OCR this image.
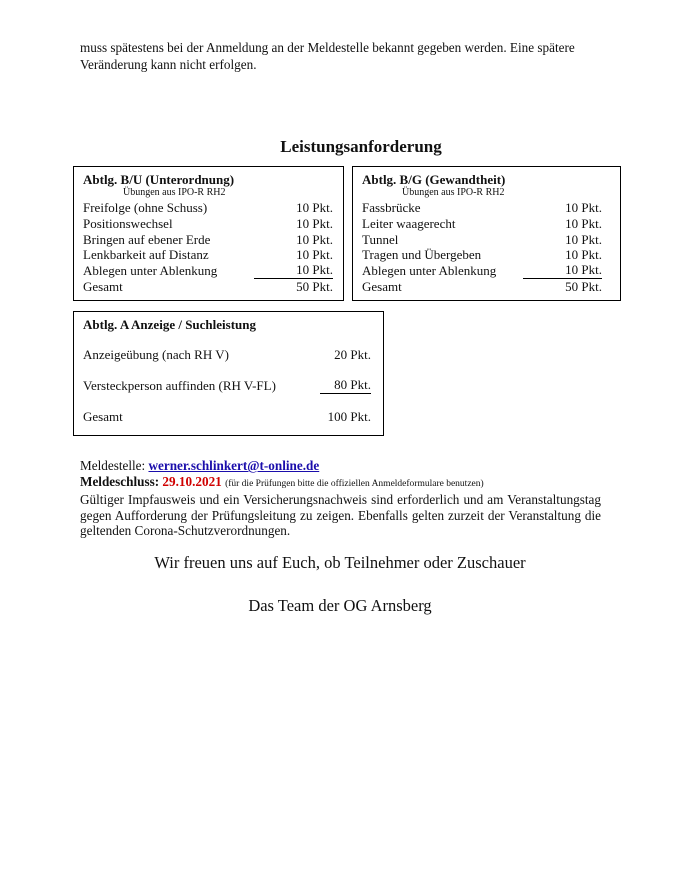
muss spätestens bei der Anmeldung an der Meldestelle bekannt gegeben werden. Eine spätere Veränderung kann nicht erfolgen.
Leistungsanforderung
Abtlg. B/U (Unterordnung)
Übungen aus IPO-R RH2
Freifolge (ohne Schuss)	10 Pkt.
Positionswechsel	10 Pkt.
Bringen auf ebener Erde	10 Pkt.
Lenkbarkeit auf Distanz	10 Pkt.
Ablegen unter Ablenkung	10 Pkt.
Gesamt	50 Pkt.
Abtlg. B/G (Gewandtheit)
Übungen aus IPO-R RH2
Fassbrücke	10 Pkt.
Leiter waagerecht	10 Pkt.
Tunnel	10 Pkt.
Tragen und Übergeben	10 Pkt.
Ablegen unter Ablenkung	10 Pkt.
Gesamt	50 Pkt.
Abtlg. A Anzeige / Suchleistung
Anzeigeübung (nach RH V)	20 Pkt.
Versteckperson auffinden (RH V-FL)	80 Pkt.
Gesamt	100 Pkt.
Meldestelle: werner.schlinkert@t-online.de
Meldeschluss: 29.10.2021 (für die Prüfungen bitte die offiziellen Anmeldeformulare benutzen)
Gültiger Impfausweis und ein Versicherungsnachweis sind erforderlich und am Veranstaltungstag gegen Aufforderung der Prüfungsleitung zu zeigen. Ebenfalls gelten zurzeit der Veranstaltung die geltenden Corona-Schutzverordnungen.
Wir freuen uns auf Euch, ob Teilnehmer oder Zuschauer
Das Team der OG Arnsberg
